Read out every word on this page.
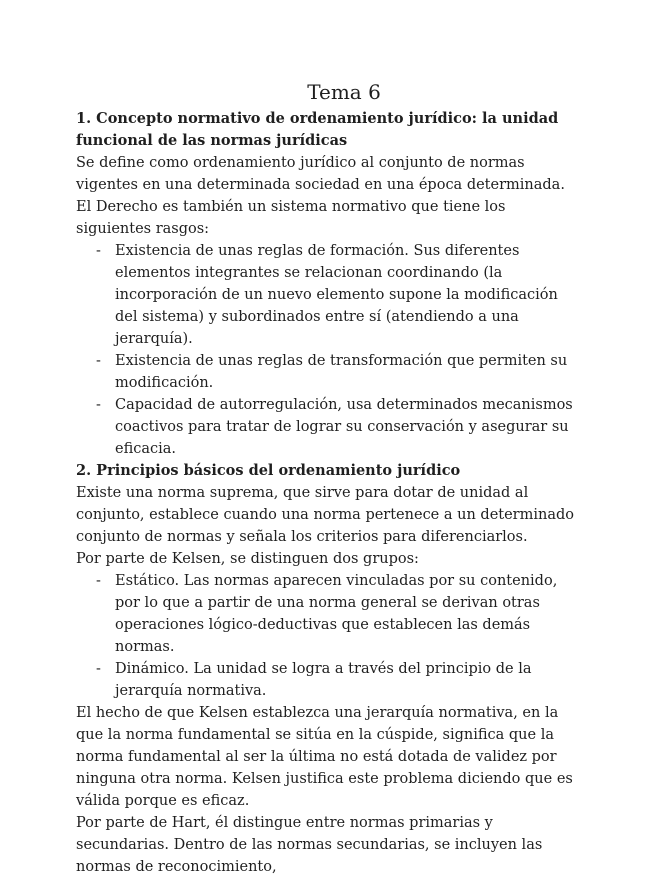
Tema 6

1. Concepto normativo de ordenamiento jurídico: la unidad funcional de las normas jurídicas

Se define como ordenamiento jurídico al conjunto de normas vigentes en una determinada sociedad en una época determinada. El Derecho es también un sistema normativo que tiene los siguientes rasgos:

- Existencia de unas reglas de formación. Sus diferentes elementos integrantes se relacionan coordinando (la incorporación de un nuevo elemento supone la modificación del sistema) y subordinados entre sí (atendiendo a una jerarquía).
- Existencia de unas reglas de transformación que permiten su modificación.
- Capacidad de autorregulación, usa determinados mecanismos coactivos para tratar de lograr su conservación y asegurar su eficacia.

2. Principios básicos del ordenamiento jurídico

Existe una norma suprema, que sirve para dotar de unidad al conjunto, establece cuando una norma pertenece a un determinado conjunto de normas y señala los criterios para diferenciarlos.

Por parte de Kelsen, se distinguen dos grupos:

- Estático. Las normas aparecen vinculadas por su contenido, por lo que a partir de una norma general se derivan otras operaciones lógico-deductivas que establecen las demás normas.
- Dinámico. La unidad se logra a través del principio de la jerarquía normativa.

El hecho de que Kelsen establezca una jerarquía normativa, en la que la norma fundamental se sitúa en la cúspide, significa que la norma fundamental al ser la última no está dotada de validez por ninguna otra norma. Kelsen justifica este problema diciendo que es válida porque es eficaz.

Por parte de Hart, él distingue entre normas primarias y secundarias. Dentro de las normas secundarias, se incluyen las normas de reconocimiento,
